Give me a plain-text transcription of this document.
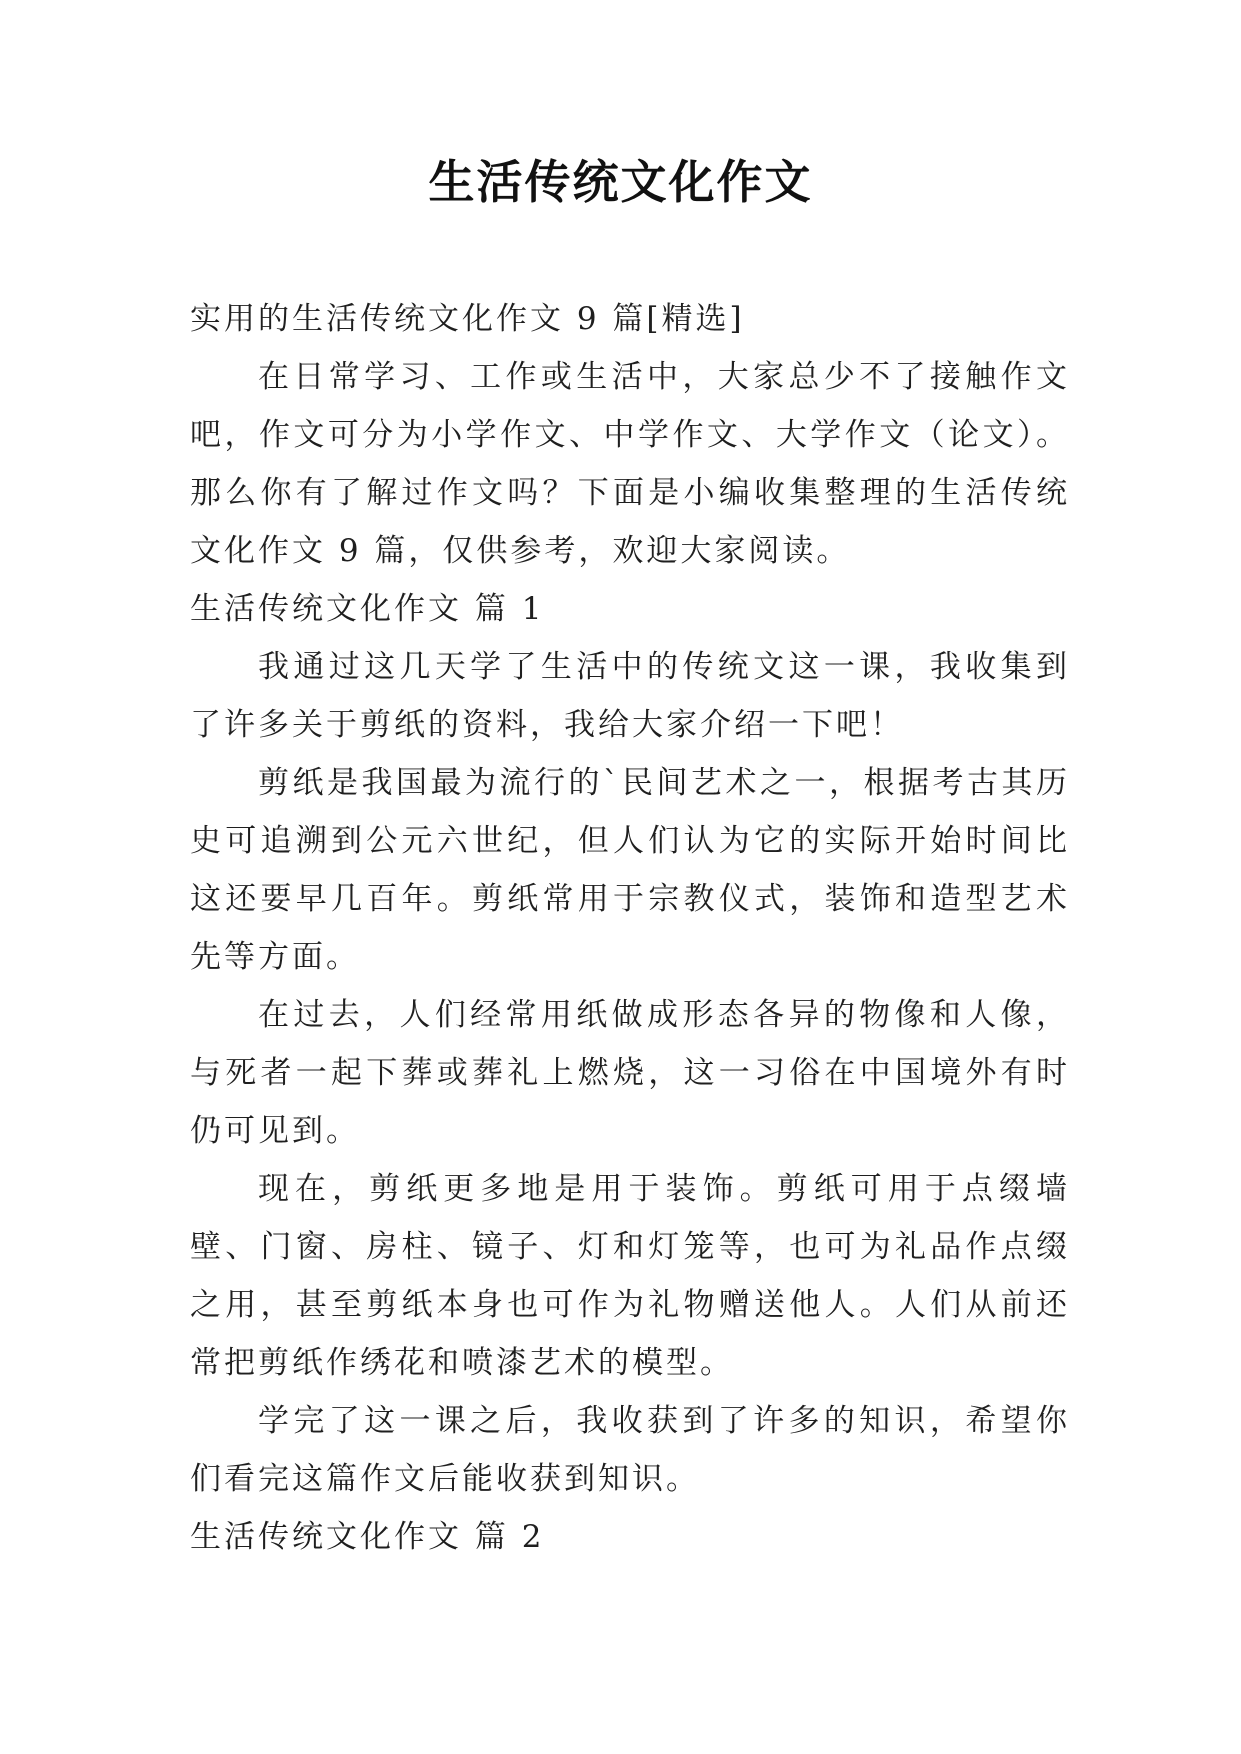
生活传统文化作文

实用的生活传统文化作文 9 篇[精选]

在日常学习、工作或生活中，大家总少不了接触作文吧，作文可分为小学作文、中学作文、大学作文（论文）。那么你有了解过作文吗？下面是小编收集整理的生活传统文化作文 9 篇，仅供参考，欢迎大家阅读。

生活传统文化作文 篇 1

我通过这几天学了生活中的传统文这一课，我收集到了许多关于剪纸的资料，我给大家介绍一下吧！

剪纸是我国最为流行的`民间艺术之一，根据考古其历史可追溯到公元六世纪，但人们认为它的实际开始时间比这还要早几百年。剪纸常用于宗教仪式，装饰和造型艺术先等方面。

在过去，人们经常用纸做成形态各异的物像和人像，与死者一起下葬或葬礼上燃烧，这一习俗在中国境外有时仍可见到。

现在，剪纸更多地是用于装饰。剪纸可用于点缀墙壁、门窗、房柱、镜子、灯和灯笼等，也可为礼品作点缀之用，甚至剪纸本身也可作为礼物赠送他人。人们从前还常把剪纸作绣花和喷漆艺术的模型。

学完了这一课之后，我收获到了许多的知识，希望你们看完这篇作文后能收获到知识。

生活传统文化作文 篇 2
